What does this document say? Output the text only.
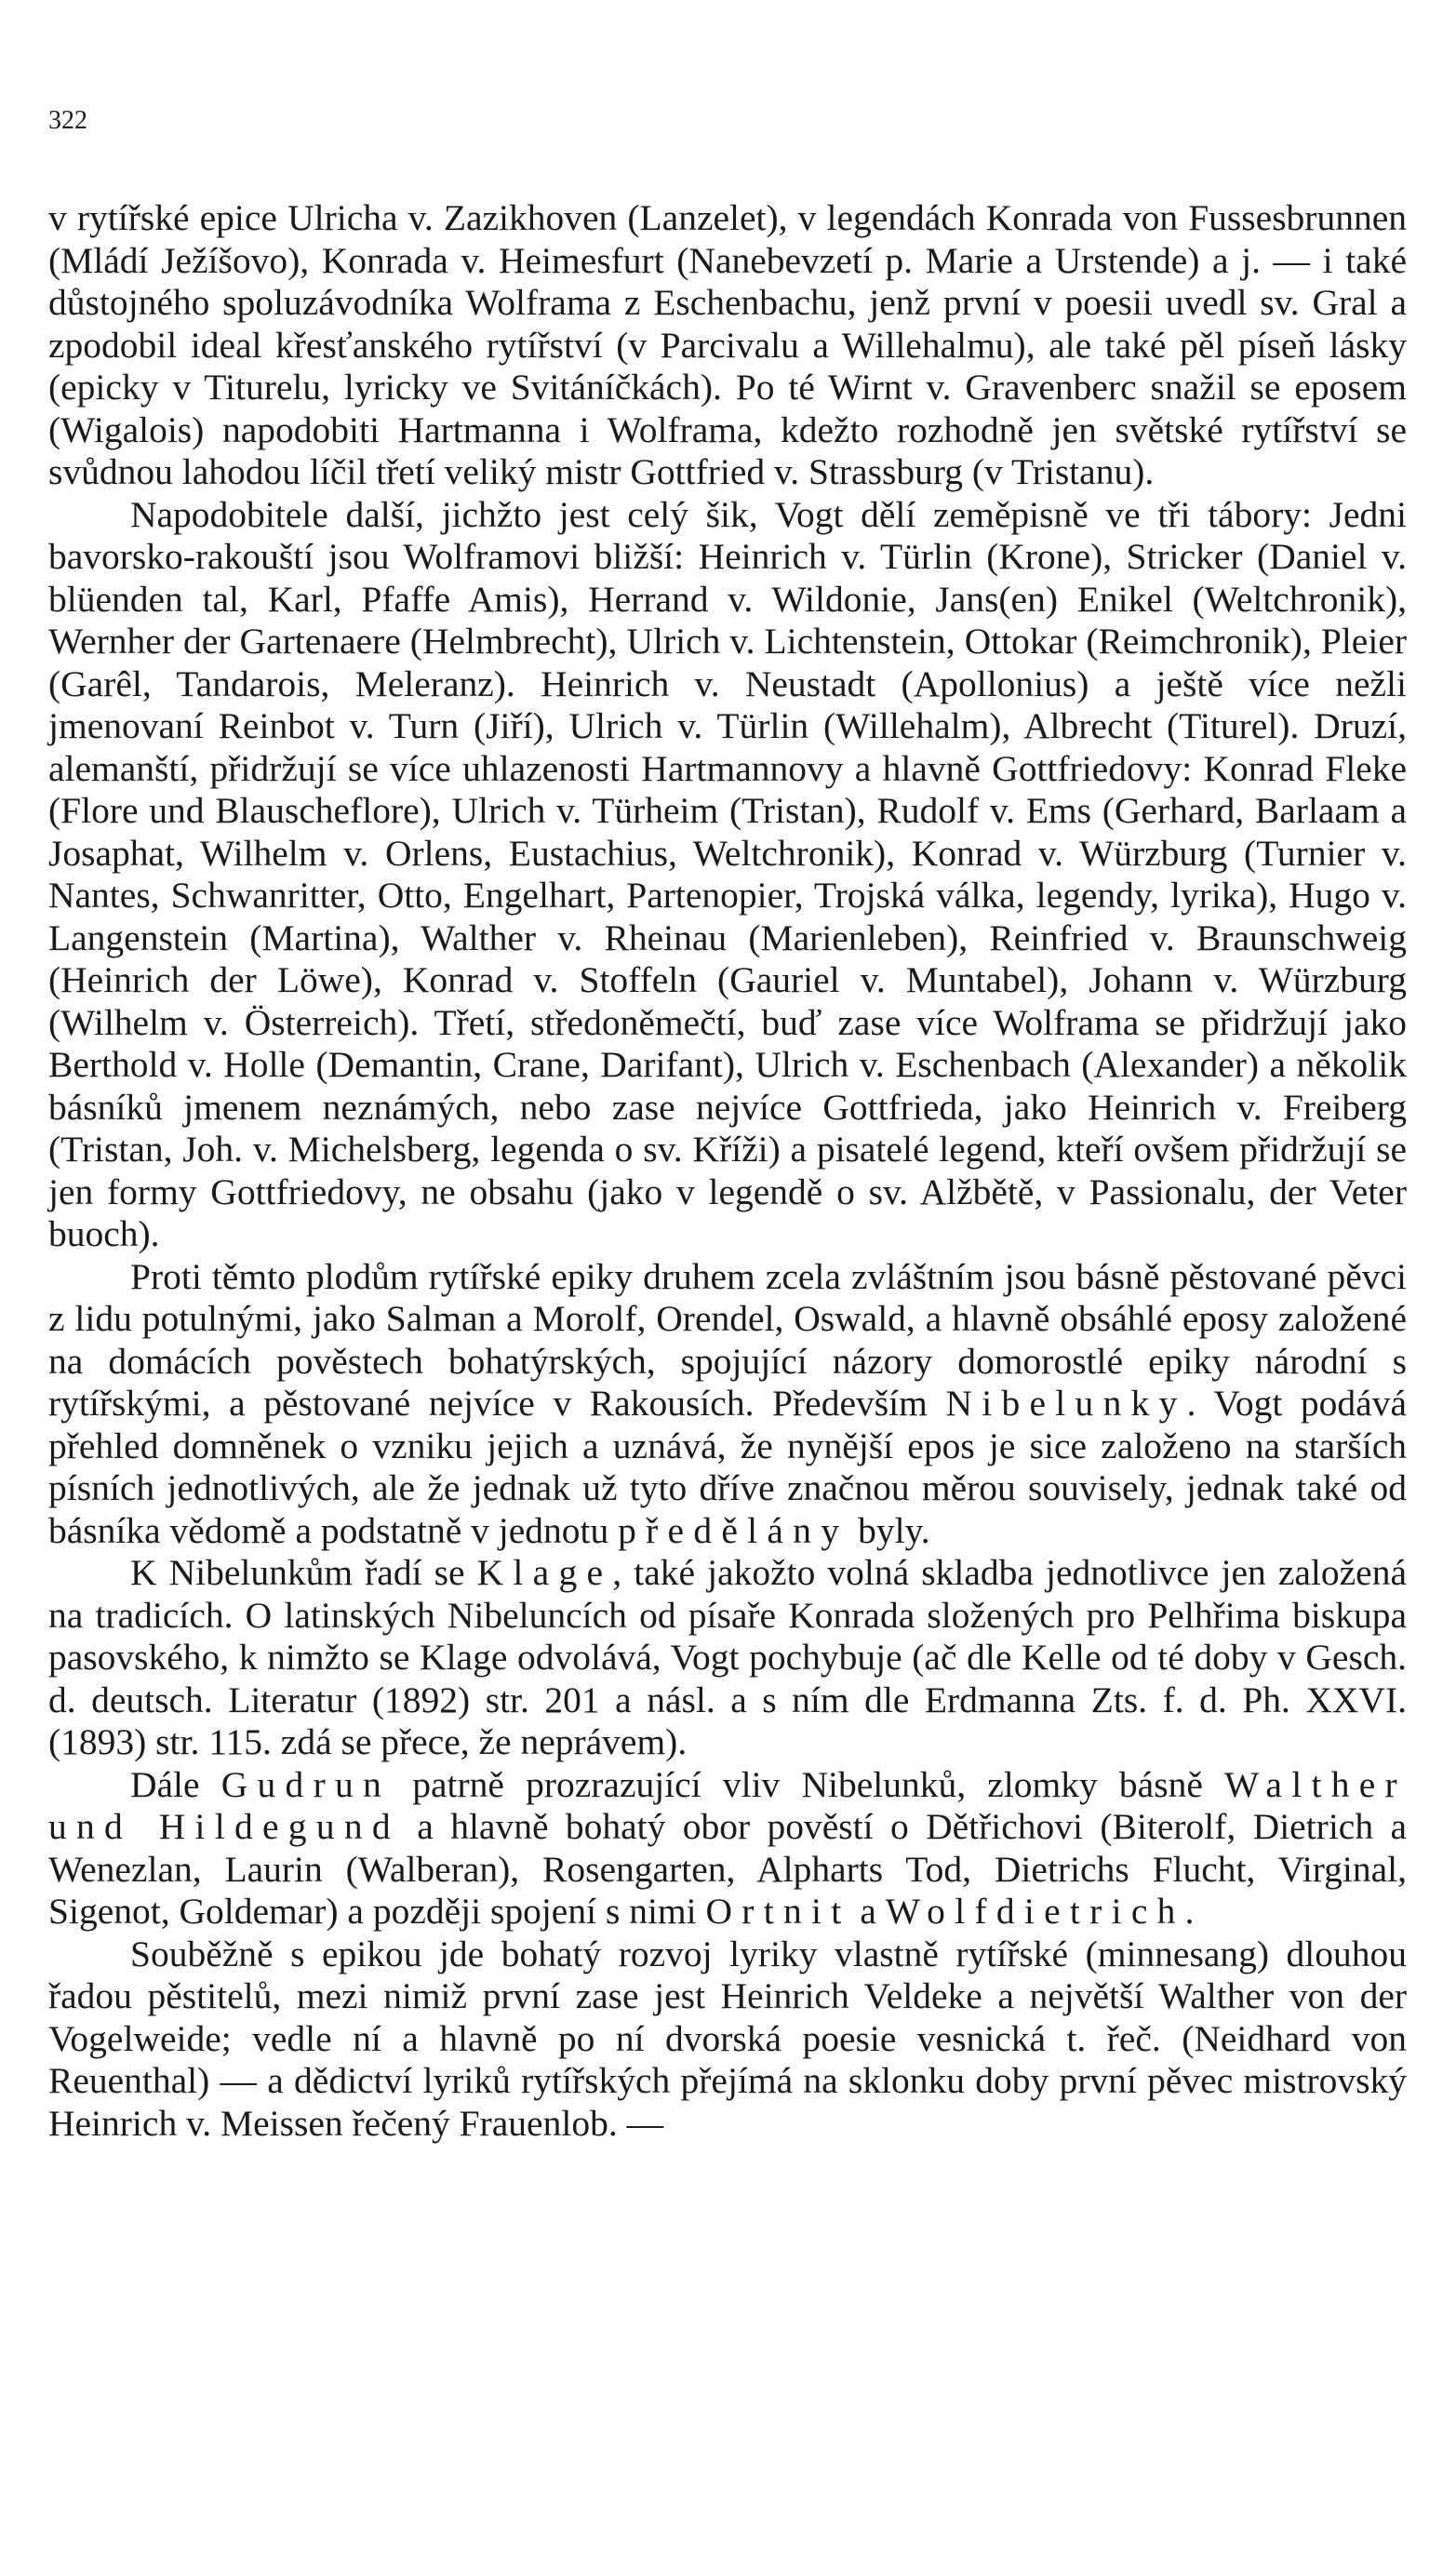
322

v rytířské epice Ulricha v. Zazikhoven (Lanzelet), v legendách Konrada von Fussesbrunnen (Mládí Ježíšovo), Konrada v. Heimesfurt (Nanebevzetí p. Marie a Urstende) a j. — i také důstojného spoluzávodníka Wolframa z Eschenbachu, jenž první v poesii uvedl sv. Gral a zpodobil ideal křesťanského rytířství (v Parcivalu a Willehalmu), ale také pěl píseň lásky (epicky v Titurelu, lyricky ve Svitáníčkách). Po té Wirnt v. Gravenberc snažil se eposem (Wigalois) napodobiti Hartmanna i Wolframa, kdežto rozhodně jen světské rytířství se svůdnou lahodou líčil třetí veliký mistr Gottfried v. Strassburg (v Tristanu).

Napodobitele další, jichžto jest celý šik, Vogt dělí zeměpisně ve tři tábory: Jedni bavorsko-rakouští jsou Wolframovi bližší: Heinrich v. Türlin (Krone), Stricker (Daniel v. blüenden tal, Karl, Pfaffe Amis), Herrand v. Wildonie, Jans(en) Enikel (Weltchronik), Wernher der Gartenaere (Helmbrecht), Ulrich v. Lichtenstein, Ottokar (Reimchronik), Pleier (Garêl, Tandarois, Meleranz). Heinrich v. Neustadt (Apollonius) a ještě více nežli jmenovaní Reinbot v. Turn (Jiří), Ulrich v. Türlin (Willehalm), Albrecht (Titurel). Druzí, alemanští, přidržují se více uhlazenosti Hartmannovy a hlavně Gottfriedovy: Konrad Fleke (Flore und Blauscheflore), Ulrich v. Türheim (Tristan), Rudolf v. Ems (Gerhard, Barlaam a Josaphat, Wilhelm v. Orlens, Eustachius, Weltchronik), Konrad v. Würzburg (Turnier v. Nantes, Schwanritter, Otto, Engelhart, Partenopier, Trojská válka, legendy, lyrika), Hugo v. Langenstein (Martina), Walther v. Rheinau (Marienleben), Reinfried v. Braunschweig (Heinrich der Löwe), Konrad v. Stoffeln (Gauriel v. Muntabel), Johann v. Würzburg (Wilhelm v. Österreich). Třetí, středoněmečtí, buď zase více Wolframa se přidržují jako Berthold v. Holle (Demantin, Crane, Darifant), Ulrich v. Eschenbach (Alexander) a několik básníků jmenem neznámých, nebo zase nejvíce Gottfrieda, jako Heinrich v. Freiberg (Tristan, Joh. v. Michelsberg, legenda o sv. Kříži) a pisatelé legend, kteří ovšem přidržují se jen formy Gottfriedovy, ne obsahu (jako v legendě o sv. Alžbětě, v Passionalu, der Veter buoch).

Proti těmto plodům rytířské epiky druhem zcela zvláštním jsou básně pěstované pěvci z lidu potulnými, jako Salman a Morolf, Orendel, Oswald, a hlavně obsáhlé eposy založené na domácích pověstech bohatýrských, spojující názory domorostlé epiky národní s rytířskými, a pěstované nejvíce v Rakousích. Především Nibelunky. Vogt podává přehled domněnek o vzniku jejich a uznává, že nynější epos je sice založeno na starších písních jednotlivých, ale že jednak už tyto dříve značnou měrou souvisely, jednak také od básníka vědomě a podstatně v jednotu předělány byly.

K Nibelunkům řadí se Klage, také jakožto volná skladba jednotlivce jen založená na tradicích. O latinských Nibeluncích od písaře Konrada složených pro Pelhřima biskupa pasovského, k nimžto se Klage odvolává, Vogt pochybuje (ač dle Kelle od té doby v Gesch. d. deutsch. Literatur (1892) str. 201 a násl. a s ním dle Erdmanna Zts. f. d. Ph. XXVI. (1893) str. 115. zdá se přece, že neprávem).

Dále Gudrun patrně prozrazující vliv Nibelunků, zlomky básně Walther und Hildegund a hlavně bohatý obor pověstí o Dětřichovi (Biterolf, Dietrich a Wenezlan, Laurin (Walberan), Rosengarten, Alpharts Tod, Dietrichs Flucht, Virginal, Sigenot, Goldemar) a později spojení s nimi Ortnit a Wolfdietrich.

Souběžně s epikou jde bohatý rozvoj lyriky vlastně rytířské (minnesang) dlouhou řadou pěstitelů, mezi nimiž první zase jest Heinrich Veldeke a největší Walther von der Vogelweide; vedle ní a hlavně po ní dvorská poesie vesnická t. řeč. (Neidhard von Reuenthal) — a dědictví lyriků rytířských přejímá na sklonku doby první pěvec mistrovský Heinrich v. Meissen řečený Frauenlob. —
